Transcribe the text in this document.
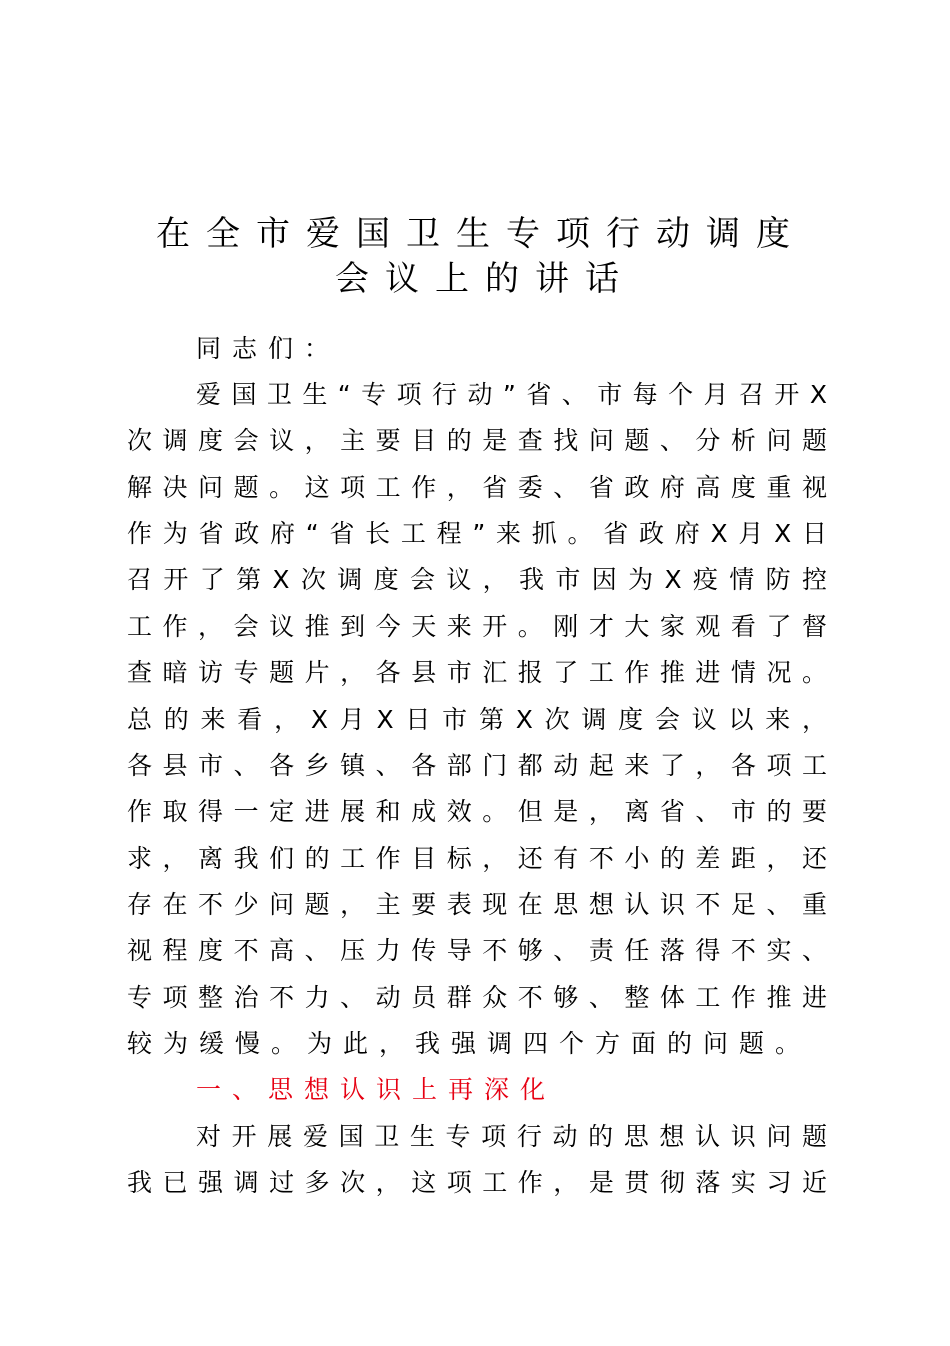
在全市爱国卫生专项行动调度
会议上的讲话
同志们：
爱国卫生“专项行动”省、市每个月召开X
次调度会议，主要目的是查找问题、分析问题
解决问题。这项工作，省委、省政府高度重视
作为省政府“省长工程”来抓。省政府X月X日
召开了第X次调度会议，我市因为X疫情防控
工作，会议推到今天来开。刚才大家观看了督
查暗访专题片，各县市汇报了工作推进情况。
总的来看，X月X日市第X次调度会议以来，
各县市、各乡镇、各部门都动起来了，各项工
作取得一定进展和成效。但是，离省、市的要
求，离我们的工作目标，还有不小的差距，还
存在不少问题，主要表现在思想认识不足、重
视程度不高、压力传导不够、责任落得不实、
专项整治不力、动员群众不够、整体工作推进
较为缓慢。为此，我强调四个方面的问题。
一、思想认识上再深化
对开展爱国卫生专项行动的思想认识问题
我已强调过多次，这项工作，是贯彻落实习近
